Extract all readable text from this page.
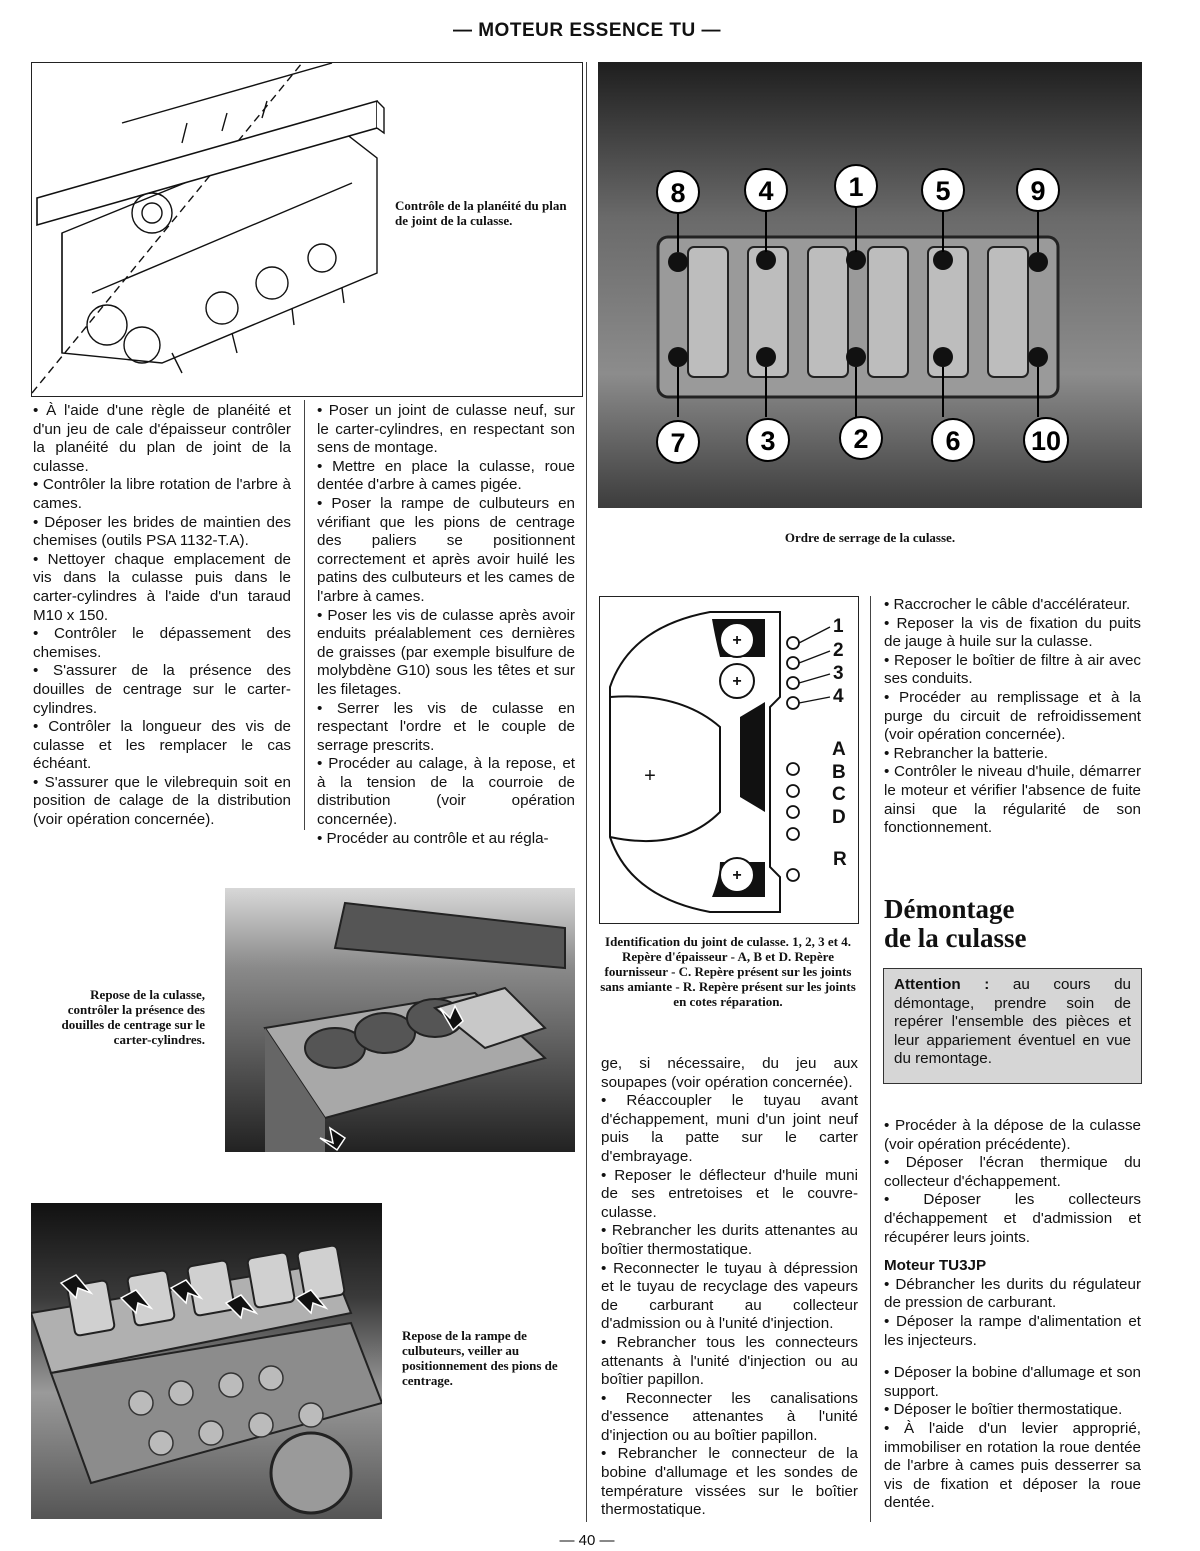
— MOTEUR ESSENCE TU —
Contrôle de la planéité du plan de joint de la culasse.
8	4	1	5	9
7	3	2	6	10
Ordre de serrage de la culasse.
+
+
+
+
1
2
3
4
A
B
C
D
R
Identification du joint de culasse. 1, 2, 3 et 4. Repère d'épaisseur - A, B et D. Repère fournisseur - C. Repère présent sur les joints sans amiante - R. Repère présent sur les joints en cotes réparation.

• À l'aide d'une règle de planéité et d'un jeu de cale d'épaisseur contrôler la planéité du plan de joint de la culasse.

• Contrôler la libre rotation de l'arbre à cames.

• Déposer les brides de maintien des chemises (outils PSA 1132-T.A).

• Nettoyer chaque emplacement de vis dans la culasse puis dans le carter-cylindres à l'aide d'un taraud M10 x 150.

• Contrôler le dépassement des chemises.

• S'assurer de la présence des douilles de centrage sur le carter-cylindres.

• Contrôler la longueur des vis de culasse et les remplacer le cas échéant.

• S'assurer que le vilebrequin soit en position de calage de la distribution (voir opération concernée).

• Poser un joint de culasse neuf, sur le carter-cylindres, en respectant son sens de montage.

• Mettre en place la culasse, roue dentée d'arbre à cames pigée.

• Poser la rampe de culbuteurs en vérifiant que les pions de centrage des paliers se positionnent correctement et après avoir huilé les patins des culbuteurs et les cames de l'arbre à cames.

• Poser les vis de culasse après avoir enduits préalablement ces dernières de graisses (par exemple bisulfure de molybdène G10) sous les têtes et sur les filetages.

• Serrer les vis de culasse en respectant l'ordre et le couple de serrage prescrits.

• Procéder au calage, à la repose, et à la tension de la courroie de distribution (voir opération concernée).

• Procéder au contrôle et au régla-

Repose de la culasse, contrôler la présence des douilles de centrage sur le carter-cylindres.
Repose de la rampe de culbuteurs, veiller au positionnement des pions de centrage.

ge, si nécessaire, du jeu aux soupapes (voir opération concernée).

• Réaccoupler le tuyau avant d'échappement, muni d'un joint neuf puis la patte sur le carter d'embrayage.

• Reposer le déflecteur d'huile muni de ses entretoises et le couvre-culasse.

• Rebrancher les durits attenantes au boîtier thermostatique.

• Reconnecter le tuyau à dépression et le tuyau de recyclage des vapeurs de carburant au collecteur d'admission ou à l'unité d'injection.

• Rebrancher tous les connecteurs attenants à l'unité d'injection ou au boîtier papillon.

• Reconnecter les canalisations d'essence attenantes à l'unité d'injection ou au boîtier papillon.

• Rebrancher le connecteur de la bobine d'allumage et les sondes de température vissées sur le boîtier thermostatique.

• Raccrocher le câble d'accélérateur.

• Reposer la vis de fixation du puits de jauge à huile sur la culasse.

• Reposer le boîtier de filtre à air avec ses conduits.

• Procéder au remplissage et à la purge du circuit de refroidissement (voir opération concernée).

• Rebrancher la batterie.

• Contrôler le niveau d'huile, démarrer le moteur et vérifier l'absence de fuite ainsi que la régularité de son fonctionnement.

Démontage
de la culasse
Attention : au cours du démontage, prendre soin de repérer l'ensemble des pièces et leur appariement éventuel en vue du remontage.

• Procéder à la dépose de la culasse (voir opération précédente).

• Déposer l'écran thermique du collecteur d'échappement.

• Déposer les collecteurs d'échappement et d'admission et récupérer leurs joints.

Moteur TU3JP

• Débrancher les durits du régulateur de pression de carburant.

• Déposer la rampe d'alimentation et les injecteurs.

• Déposer la bobine d'allumage et son support.

• Déposer le boîtier thermostatique.

• À l'aide d'un levier approprié, immobiliser en rotation la roue dentée de l'arbre à cames puis desserrer sa vis de fixation et déposer la roue dentée.

— 40 —
